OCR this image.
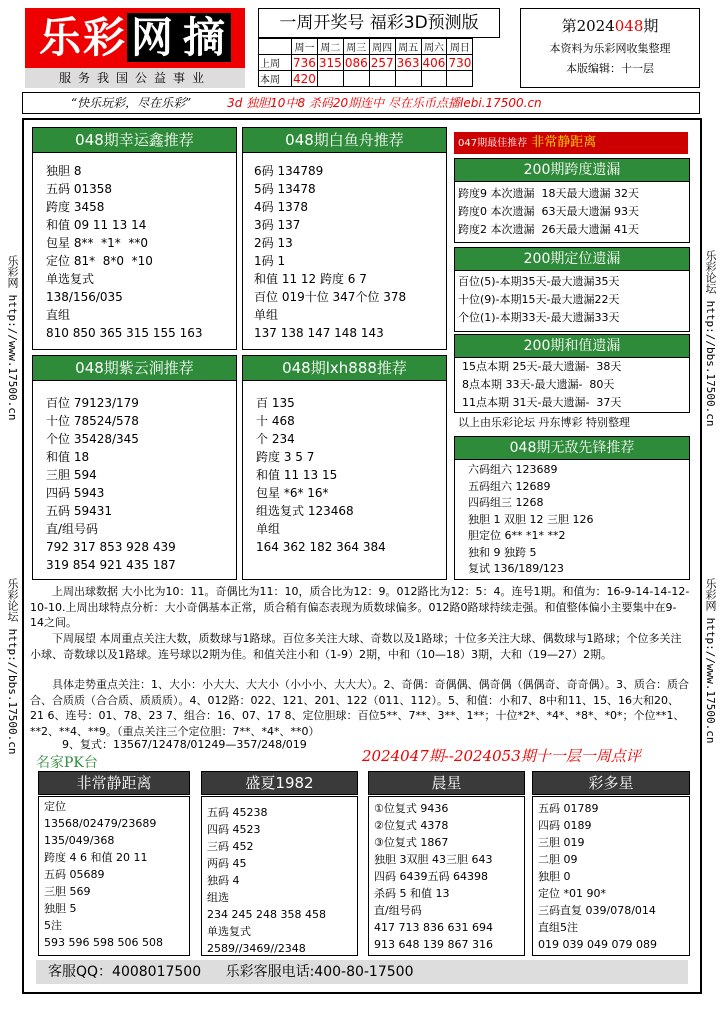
乐彩网 摘
服务我国公益事业
一周开奖号 福彩3D预测版
	周一	周二	周三	周四	周五	周六	周日
上周	736	315	086	257	363	406	730
本周	420						
第2024048期
本资料为乐彩网收集整理
本版编辑：十一层
“快乐玩彩，尽在乐彩”	3d 独胆10中8 杀码20期连中 尽在乐币点播lebi.17500.cn
乐彩网 http://www.17500.cn
乐彩论坛 http://bbs.17500.cn
乐彩论坛 http://bbs.17500.cn
乐彩网 http://www.17500.cn
048期幸运鑫推荐
独胆 8
五码 01358
跨度 3458
和值 09 11 13 14
包星 8**  *1*  **0
定位 81*  8*0  *10
单选复式
138/156/035
直组
810 850 365 315 155 163
048期白鱼舟推荐
6码 134789
5码 13478
4码 1378
3码 137
2码 13
1码 1
和值 11 12 跨度 6 7
百位 019十位 347个位 378
单组
137 138 147 148 143
048期紫云涧推荐
百位 79123/179
十位 78524/578
个位 35428/345
和值 18
三胆 594
四码 5943
五码 59431
直/组号码
792 317 853 928 439
319 854 921 435 187
048期lxh888推荐
百 135
十 468
个 234
跨度 3 5 7
和值 11 13 15
包星 *6* 16*
组选复式 123468
单组
164 362 182 364 384
047期最佳推荐 非常静距离
200期跨度遗漏
跨度9 本次遗漏  18天最大遗漏 32天
跨度0 本次遗漏  63天最大遗漏 93天
跨度2 本次遗漏  26天最大遗漏 41天
200期定位遗漏
百位(5)-本期35天-最大遗漏35天
十位(9)-本期15天-最大遗漏22天
个位(1)-本期33天-最大遗漏33天
200期和值遗漏
15点本期 25天-最大遗漏-  38天
8点本期 33天-最大遗漏-  80天
11点本期 31天-最大遗漏-  37天
以上由乐彩论坛 丹东博彩 特别整理
048期无敌先锋推荐
六码组六 123689
五码组六 12689
四码组三 1268
独胆 1 双胆 12 三胆 126
胆定位 6** *1* **2
独和 9 独跨 5
复试 136/189/123
上周出球数据 大小比为10：11。奇偶比为11：10，质合比为12：9。012路比为12：5：4。连号1期。和值为：16-9-14-14-12-10-10.上周出球特点分析：大小奇偶基本正常，质合稍有偏态表现为质数球偏多。012路0路球持续走强。和值整体偏小主要集中在9-14之间。
下周展望 本周重点关注大数，质数球与1路球。百位多关注大球、奇数以及1路球；十位多关注大球、偶数球与1路球；个位多关注小球、奇数球以及1路球。连号球以2期为佳。和值关注小和（1-9）2期，中和（10—18）3期，大和（19—27）2期。
具体走势重点关注：1、大小：小大大、大大小（小小小、大大大）。2、奇偶：奇偶偶、偶奇偶（偶偶奇、奇奇偶）。3、质合：质合合、合质质（合合质、质质质）。4、012路：022、121、201、122（011、112）。5、和值：小和7、8中和11、15、16大和20、21 6、连号：01、78、23 7、组合：16、07、17 8、定位胆球：百位5**、7**、3**、1**；十位*2*、*4*、*8*、*0*；个位**1、**2、**4、**9。（重点关注三个定位胆：7**、*4*、**0）
9、复式：13567/12478/01249—357/248/019
名家PK台	2024047期--2024053期十一层一周点评
非常静距离
定位
13568/02479/23689
135/049/368
跨度 4 6 和值 20 11
五码 05689
三胆 569
独胆 5
5注
593 596 598 506 508
盛夏1982
五码 45238
四码 4523
三码 452
两码 45
独码 4
组选
234 245 248 358 458
单选复式
2589//3469//2348
晨星
①位复式 9436
②位复式 4378
③位复式 1867
独胆 3双胆 43三胆 643
四码 6439五码 64398
杀码 5 和值 13
直/组号码
417 713 836 631 694
913 648 139 867 316
彩多星
五码 01789
四码 0189
三胆 019
二胆 09
独胆 0
定位 *01 90*
三码直复 039/078/014
直组5注
019 039 049 079 089
客服QQ：4008017500 乐彩客服电话:400-80-17500
